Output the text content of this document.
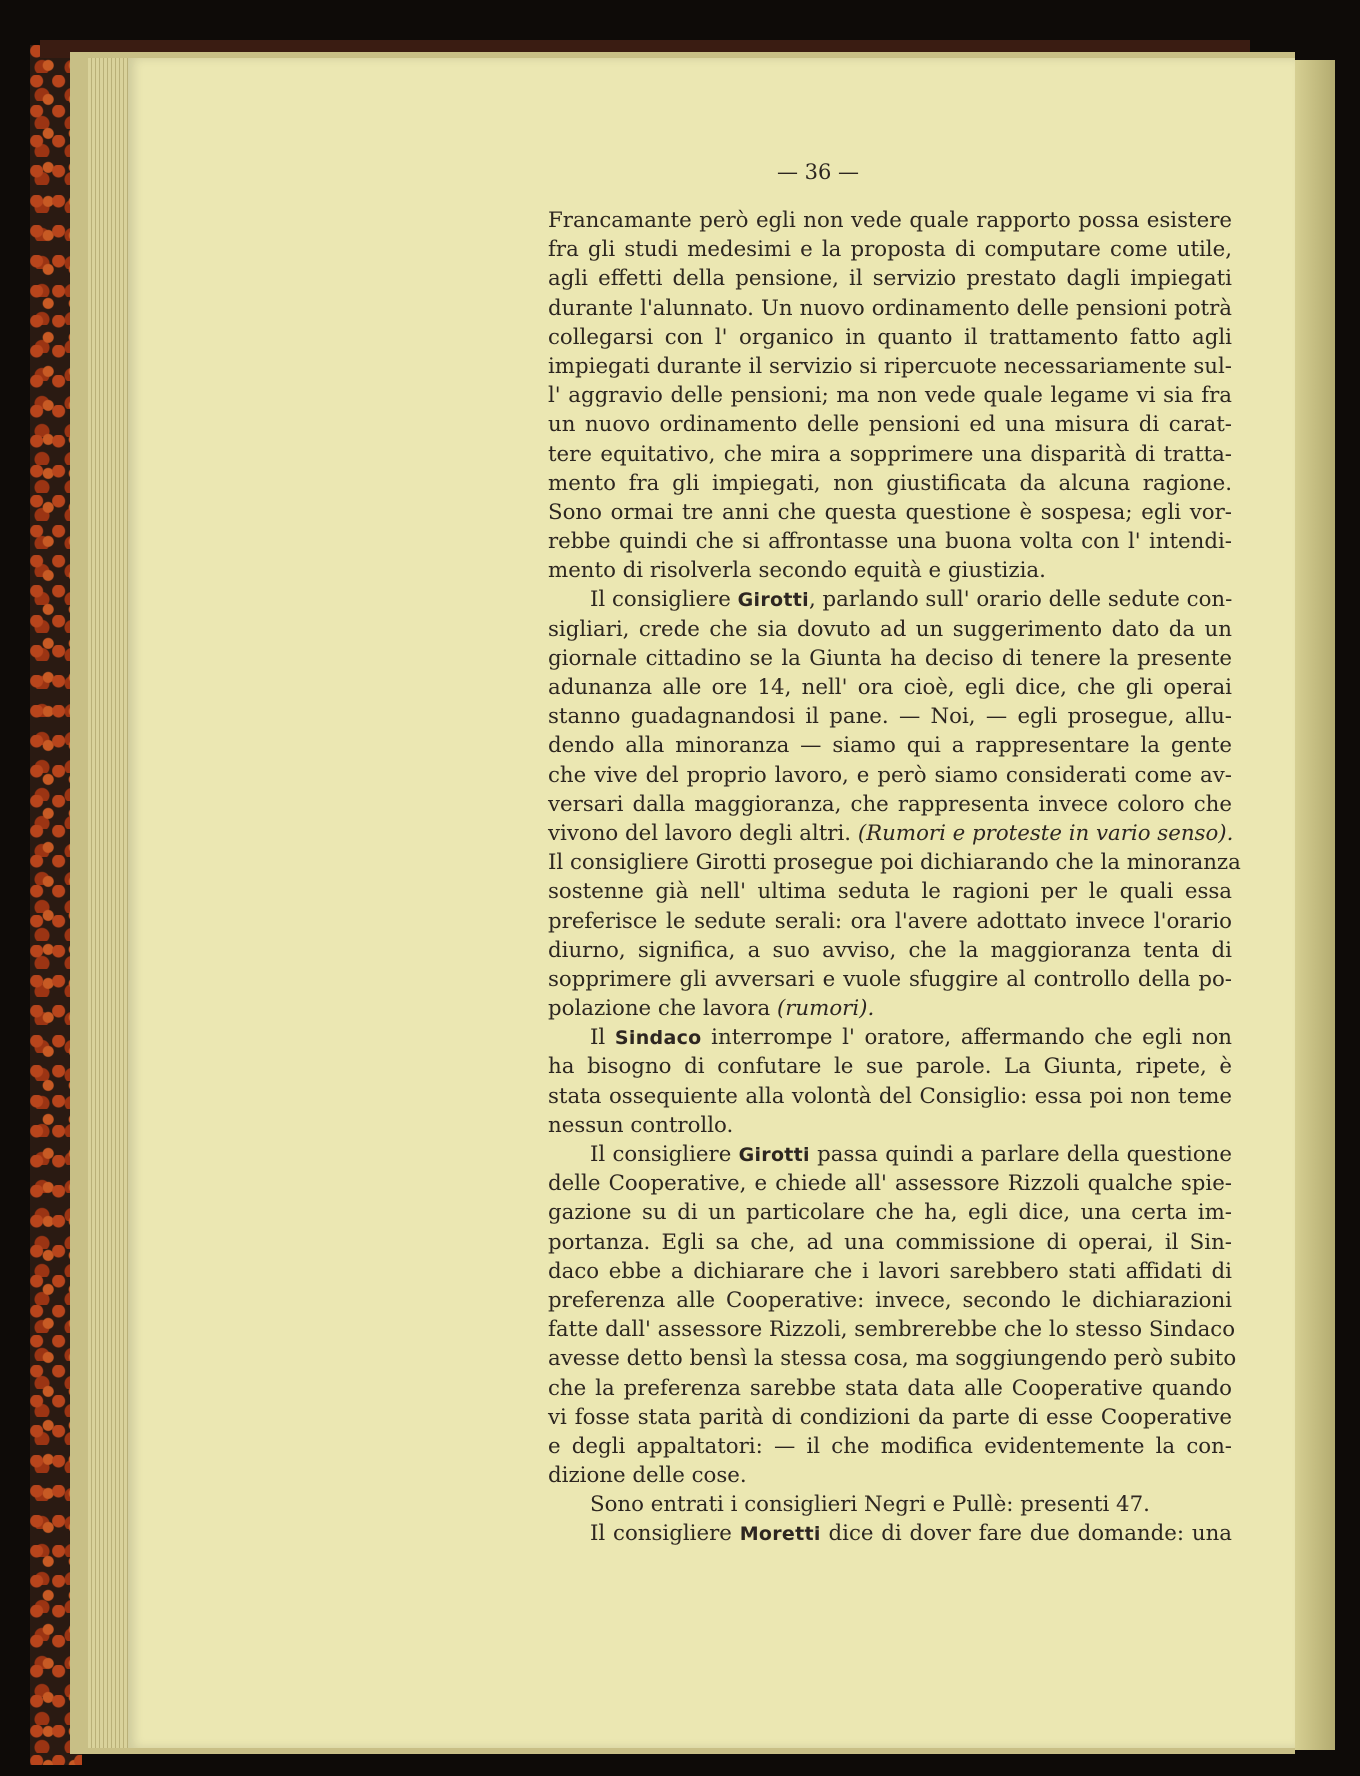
— 36 —
Francamante però egli non vede quale rapporto possa esistere
fra gli studi medesimi e la proposta di computare come utile,
agli effetti della pensione, il servizio prestato dagli impiegati
durante l'alunnato. Un nuovo ordinamento delle pensioni potrà
collegarsi con l' organico in quanto il trattamento fatto agli
impiegati durante il servizio si ripercuote necessariamente sul-
l' aggravio delle pensioni; ma non vede quale legame vi sia fra
un nuovo ordinamento delle pensioni ed una misura di carat-
tere equitativo, che mira a sopprimere una disparità di tratta-
mento fra gli impiegati, non giustificata da alcuna ragione.
Sono ormai tre anni che questa questione è sospesa; egli vor-
rebbe quindi che si affrontasse una buona volta con l' intendi-
mento di risolverla secondo equità e giustizia.
Il consigliere Girotti, parlando sull' orario delle sedute con-
sigliari, crede che sia dovuto ad un suggerimento dato da un
giornale cittadino se la Giunta ha deciso di tenere la presente
adunanza alle ore 14, nell' ora cioè, egli dice, che gli operai
stanno guadagnandosi il pane. — Noi, — egli prosegue, allu-
dendo alla minoranza — siamo qui a rappresentare la gente
che vive del proprio lavoro, e però siamo considerati come av-
versari dalla maggioranza, che rappresenta invece coloro che
vivono del lavoro degli altri. (Rumori e proteste in vario senso).
Il consigliere Girotti prosegue poi dichiarando che la minoranza
sostenne già nell' ultima seduta le ragioni per le quali essa
preferisce le sedute serali: ora l'avere adottato invece l'orario
diurno, significa, a suo avviso, che la maggioranza tenta di
sopprimere gli avversari e vuole sfuggire al controllo della po-
polazione che lavora (rumori).
Il Sindaco interrompe l' oratore, affermando che egli non
ha bisogno di confutare le sue parole. La Giunta, ripete, è
stata ossequiente alla volontà del Consiglio: essa poi non teme
nessun controllo.
Il consigliere Girotti passa quindi a parlare della questione
delle Cooperative, e chiede all' assessore Rizzoli qualche spie-
gazione su di un particolare che ha, egli dice, una certa im-
portanza. Egli sa che, ad una commissione di operai, il Sin-
daco ebbe a dichiarare che i lavori sarebbero stati affidati di
preferenza alle Cooperative: invece, secondo le dichiarazioni
fatte dall' assessore Rizzoli, sembrerebbe che lo stesso Sindaco
avesse detto bensì la stessa cosa, ma soggiungendo però subito
che la preferenza sarebbe stata data alle Cooperative quando
vi fosse stata parità di condizioni da parte di esse Cooperative
e degli appaltatori: — il che modifica evidentemente la con-
dizione delle cose.
Sono entrati i consiglieri Negri e Pullè: presenti 47.
Il consigliere Moretti dice di dover fare due domande: una
